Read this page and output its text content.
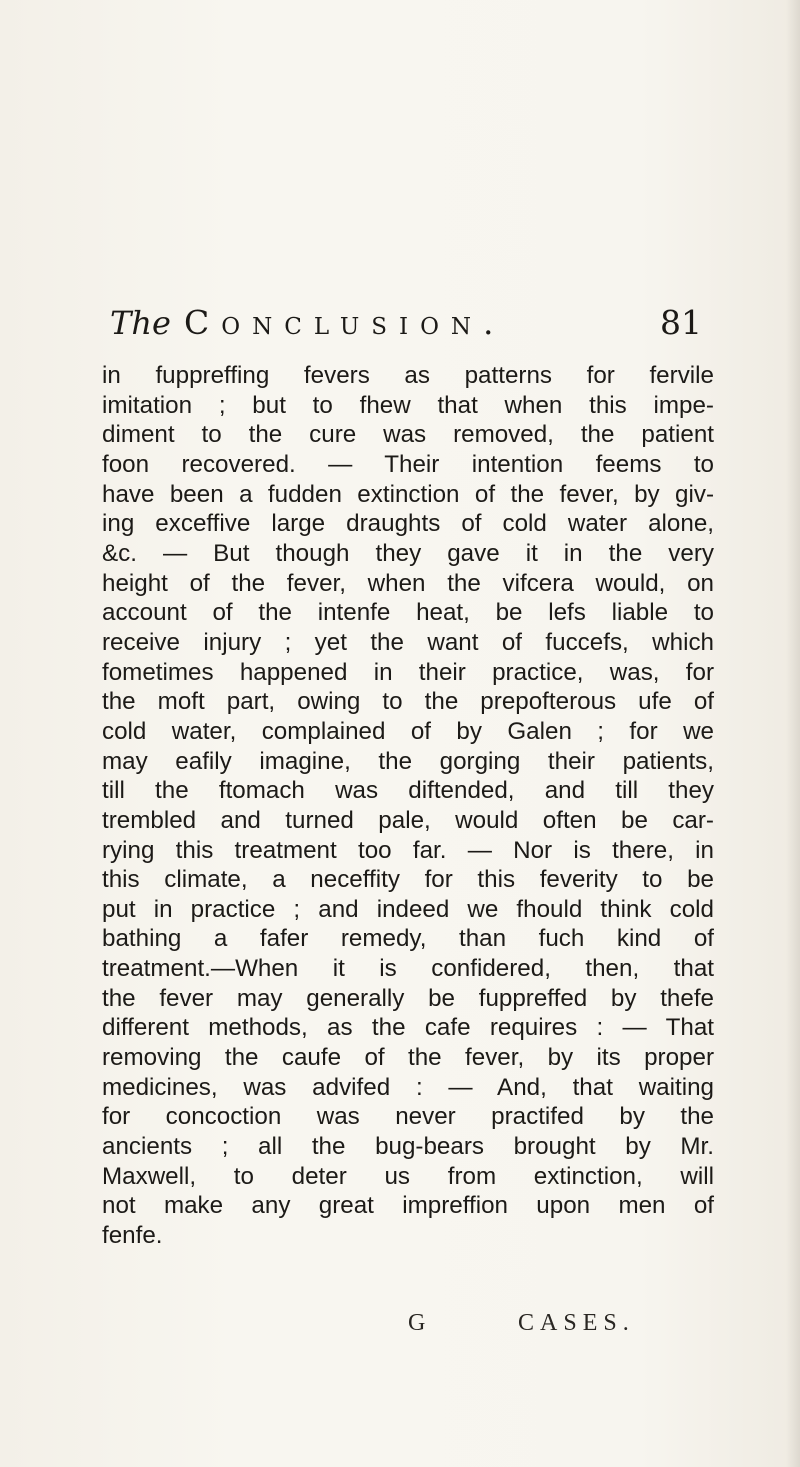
The Conclusion.	81
in fuppreffing fevers as patterns for fervile
imitation ; but to fhew that when this impe-
diment to the cure was removed, the patient
foon recovered. — Their intention feems to
have been a fudden extinction of the fever, by giv-
ing exceffive large draughts of cold water alone,
&c. — But though they gave it in the very
height of the fever, when the vifcera would, on
account of the intenfe heat, be lefs liable to
receive injury ; yet the want of fuccefs, which
fometimes happened in their practice, was, for
the moft part, owing to the prepofterous ufe of
cold water, complained of by Galen ; for we
may eafily imagine, the gorging their patients,
till the ftomach was diftended, and till they
trembled and turned pale, would often be car-
rying this treatment too far. — Nor is there, in
this climate, a neceffity for this feverity to be
put in practice ; and indeed we fhould think cold
bathing a fafer remedy, than fuch kind of
treatment.—When it is confidered, then, that
the fever may generally be fuppreffed by thefe
different methods, as the cafe requires : — That
removing the caufe of the fever, by its proper
medicines, was advifed : — And, that waiting
for concoction was never practifed by the
ancients ; all the bug-bears brought by Mr.
Maxwell, to deter us from extinction, will
not make any great impreffion upon men of
fenfe.
G	CASES.
